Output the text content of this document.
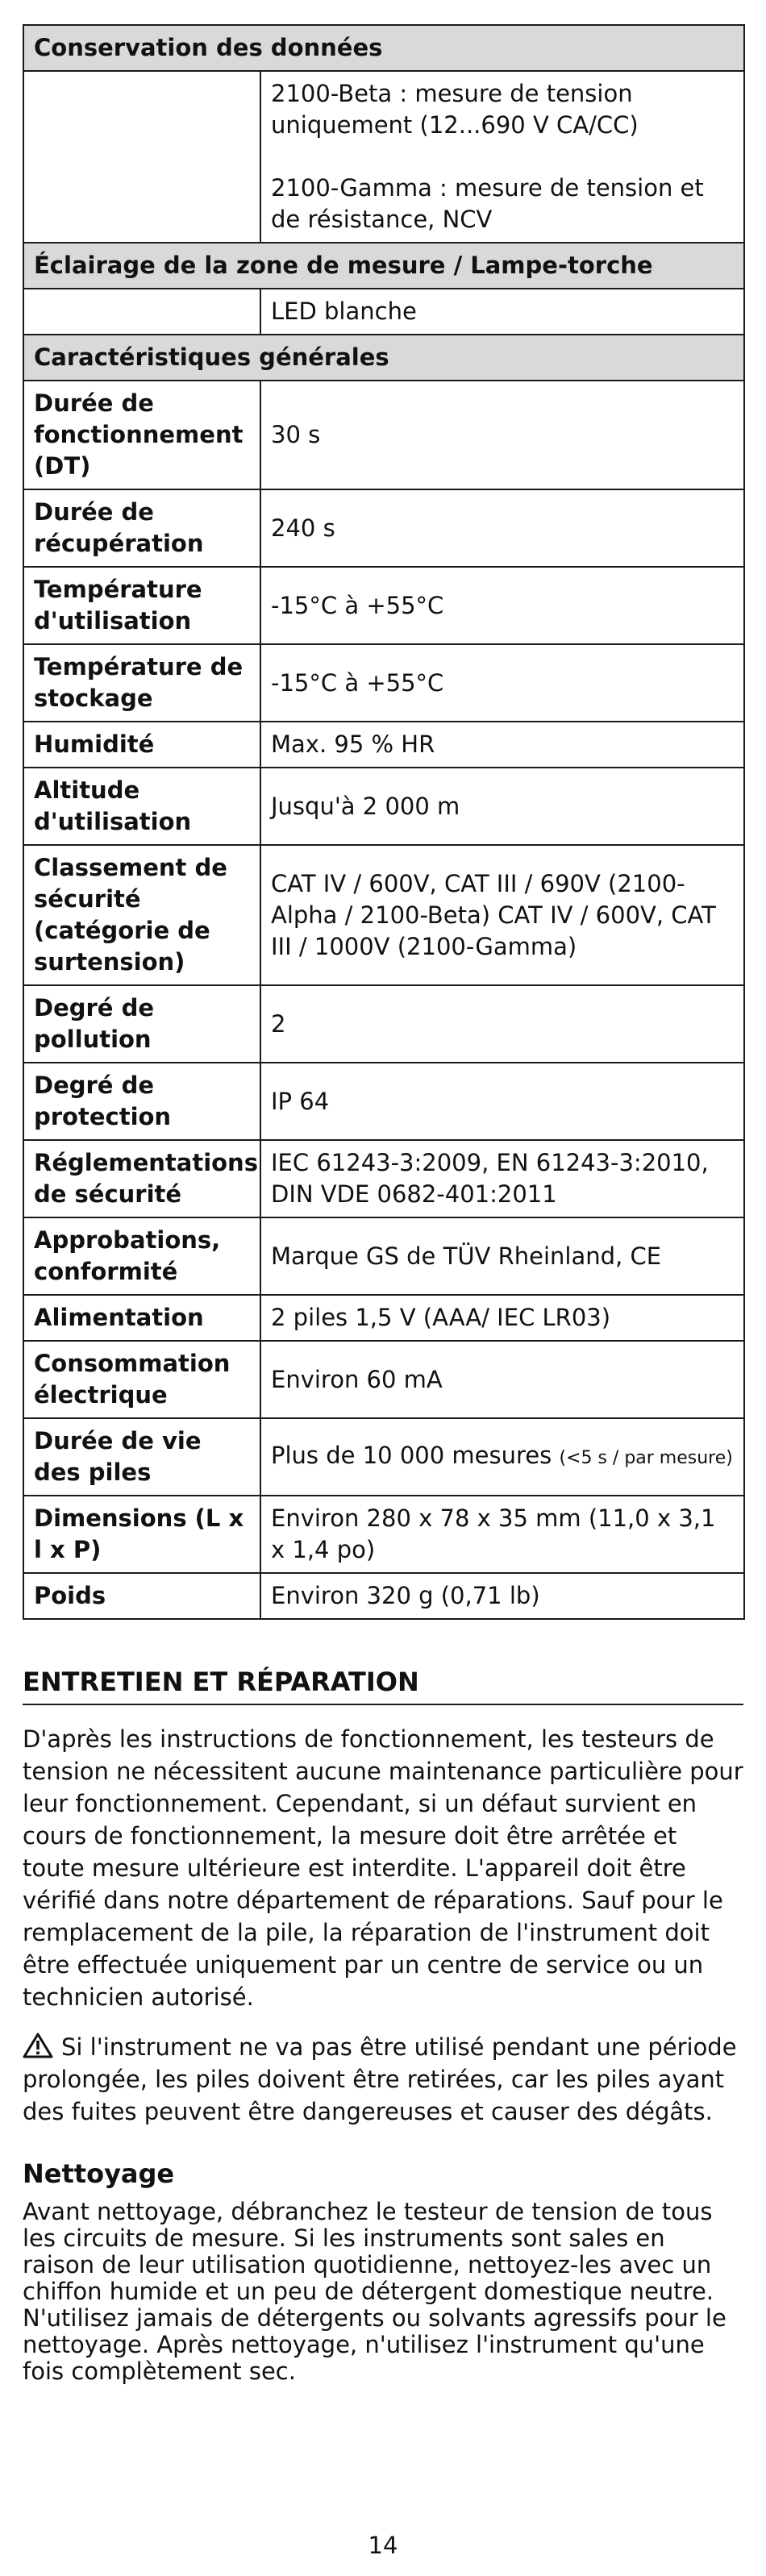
Conservation des données	

	2100-Beta : mesure de tension uniquement (12...690 V CA/CC)
2100-Gamma : mesure de tension et de résistance, NCV

Éclairage de la zone de mesure / Lampe-torche	

	LED blanche

Caractéristiques générales	
Durée de fonctionnement (DT)	30 s
Durée de récupération	240 s
Température d'utilisation	-15°C à +55°C
Température de stockage	-15°C à +55°C
Humidité	Max. 95 % HR
Altitude d'utilisation	Jusqu'à 2 000 m
Classement de sécurité (catégorie de surtension)	CAT IV / 600V, CAT III / 690V (2100-Alpha / 2100-Beta) CAT IV / 600V, CAT III / 1000V (2100-Gamma)
Degré de pollution	2
Degré de protection	IP 64
Réglementations de sécurité	IEC 61243-3:2009, EN 61243-3:2010, DIN VDE 0682-401:2011
Approbations, conformité	Marque GS de TÜV Rheinland, CE
Alimentation	2 piles 1,5 V (AAA/ IEC LR03)
Consommation électrique	Environ 60 mA
Durée de vie des piles	Plus de 10 000 mesures (<5 s / par mesure)
Dimensions (L x l x P)	Environ 280 x 78 x 35 mm (11,0 x 3,1 x 1,4 po)
Poids	Environ 320 g (0,71 lb)
ENTRETIEN ET RÉPARATION

D'après les instructions de fonctionnement, les testeurs de tension ne nécessitent aucune maintenance particulière pour leur fonctionnement. Cependant, si un défaut survient en cours de fonctionnement, la mesure doit être arrêtée et toute mesure ultérieure est interdite. L'appareil doit être vérifié dans notre département de réparations. Sauf pour le remplacement de la pile, la réparation de l'instrument doit être effectuée uniquement par un centre de service ou un technicien autorisé.

Si l'instrument ne va pas être utilisé pendant une période prolongée, les piles doivent être retirées, car les piles ayant des fuites peuvent être dangereuses et causer des dégâts.

Nettoyage

Avant nettoyage, débranchez le testeur de tension de tous les circuits de mesure. Si les instruments sont sales en raison de leur utilisation quotidienne, nettoyez-les avec un chiffon humide et un peu de détergent domestique neutre. N'utilisez jamais de détergents ou solvants agressifs pour le nettoyage. Après nettoyage, n'utilisez l'instrument qu'une fois complètement sec.

14
